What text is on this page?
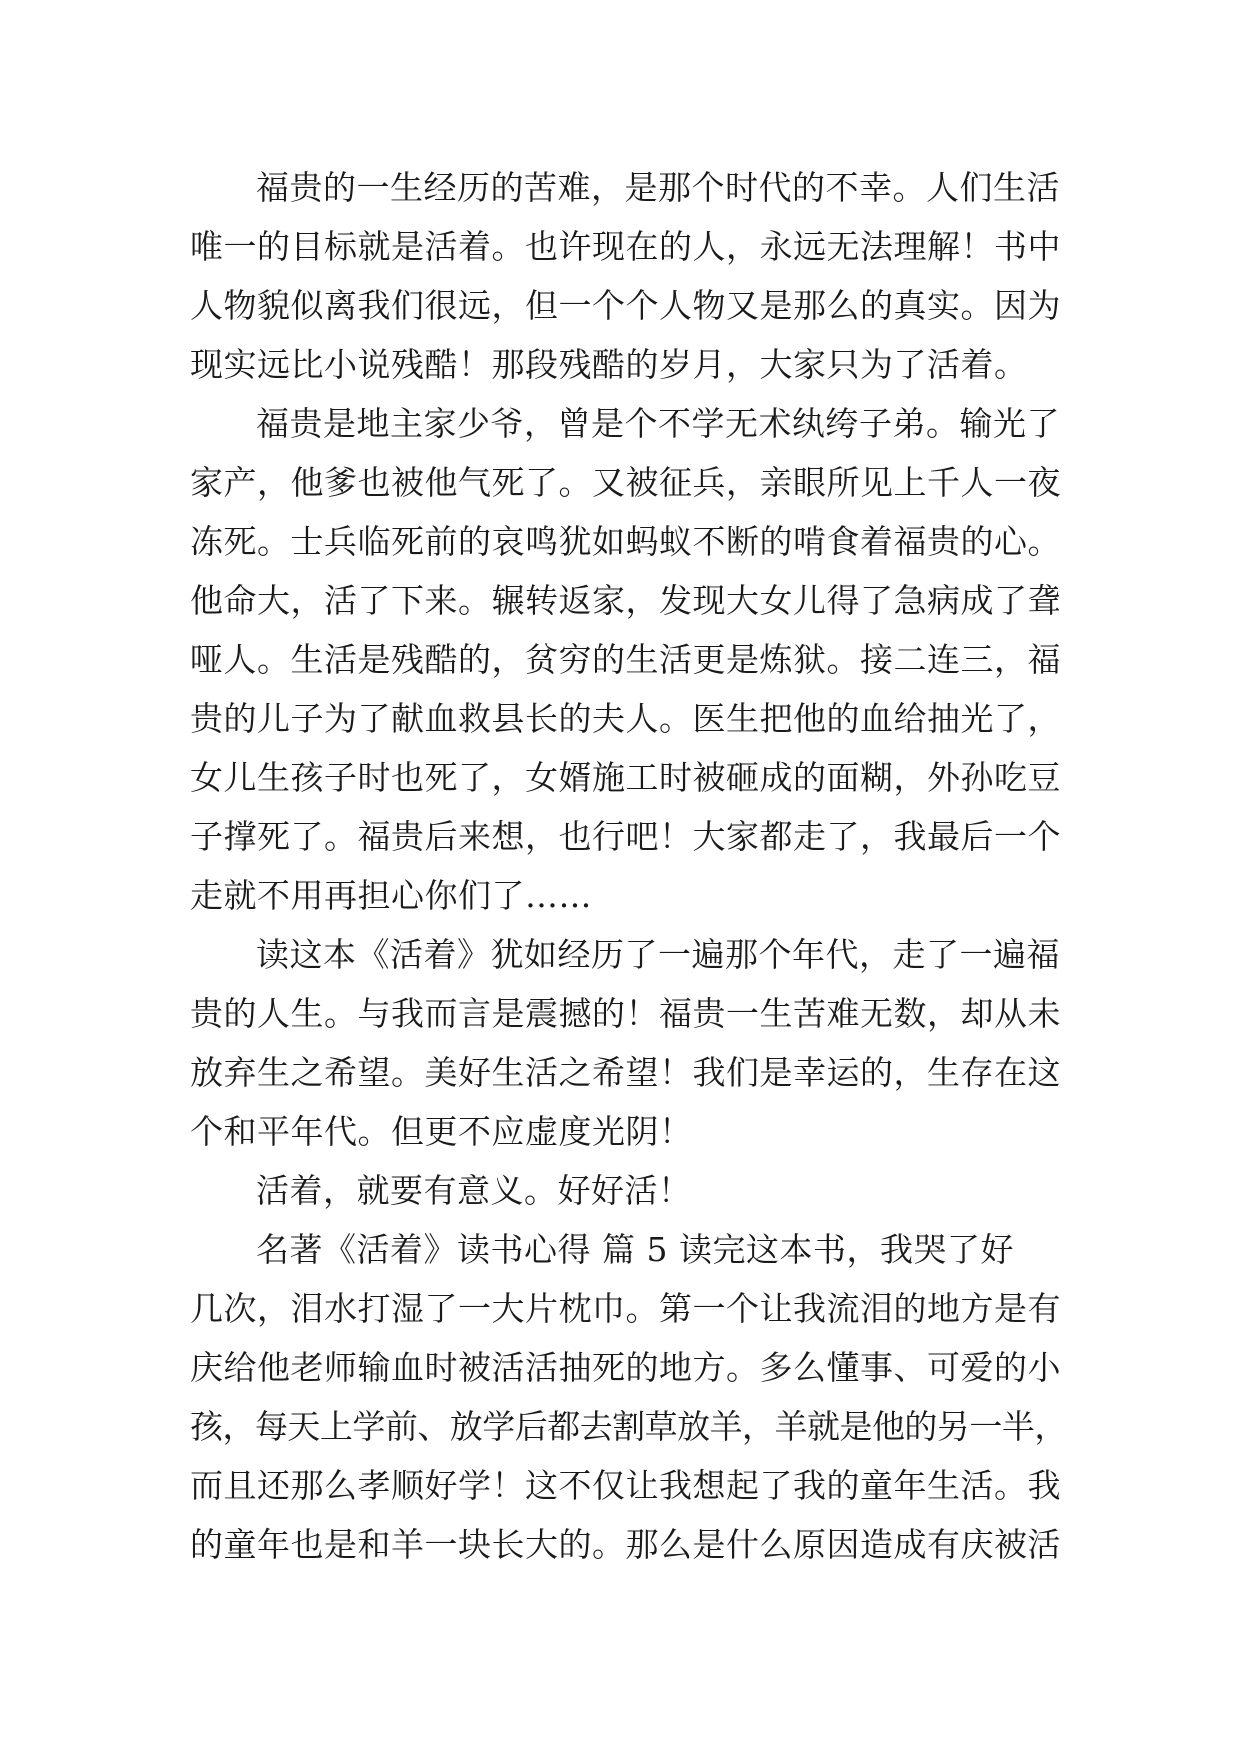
福贵的一生经历的苦难，是那个时代的不幸。人们生活
唯一的目标就是活着。也许现在的人，永远无法理解！书中
人物貌似离我们很远，但一个个人物又是那么的真实。因为
现实远比小说残酷！那段残酷的岁月，大家只为了活着。
福贵是地主家少爷，曾是个不学无术纨绔子弟。输光了
家产，他爹也被他气死了。又被征兵，亲眼所见上千人一夜
冻死。士兵临死前的哀鸣犹如蚂蚁不断的啃食着福贵的心。
他命大，活了下来。辗转返家，发现大女儿得了急病成了聋
哑人。生活是残酷的，贫穷的生活更是炼狱。接二连三，福
贵的儿子为了献血救县长的夫人。医生把他的血给抽光了，
女儿生孩子时也死了，女婿施工时被砸成的面糊，外孙吃豆
子撑死了。福贵后来想，也行吧！大家都走了，我最后一个
走就不用再担心你们了……
读这本《活着》犹如经历了一遍那个年代，走了一遍福
贵的人生。与我而言是震撼的！福贵一生苦难无数，却从未
放弃生之希望。美好生活之希望！我们是幸运的，生存在这
个和平年代。但更不应虚度光阴！
活着，就要有意义。好好活！
名著《活着》读书心得 篇 5 读完这本书，我哭了好
几次，泪水打湿了一大片枕巾。第一个让我流泪的地方是有
庆给他老师输血时被活活抽死的地方。多么懂事、可爱的小
孩，每天上学前、放学后都去割草放羊，羊就是他的另一半，
而且还那么孝顺好学！这不仅让我想起了我的童年生活。我
的童年也是和羊一块长大的。那么是什么原因造成有庆被活
